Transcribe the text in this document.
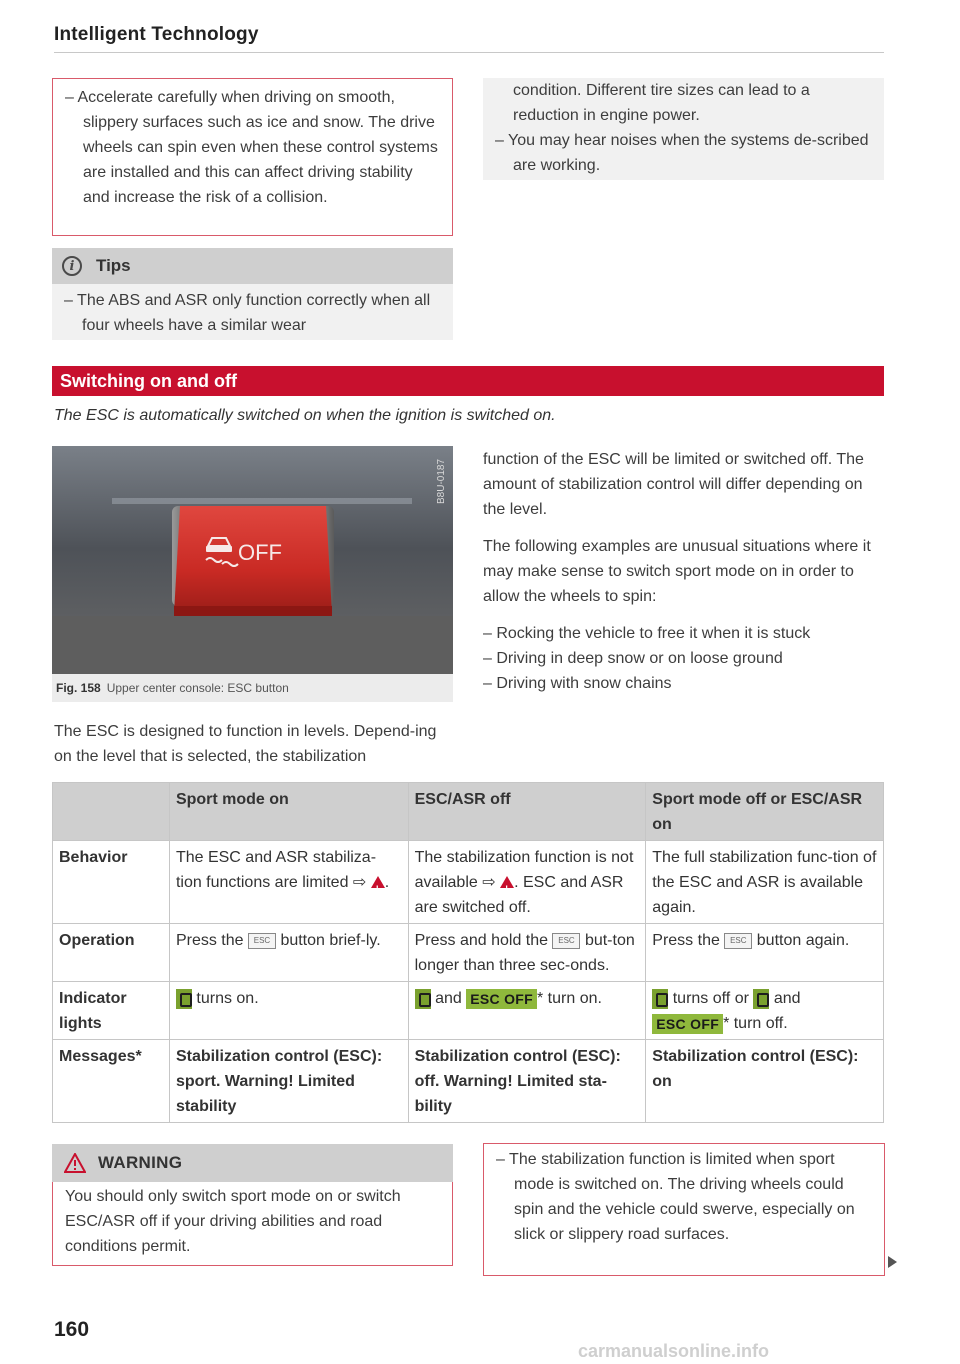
Intelligent Technology
– Accelerate carefully when driving on smooth, slippery surfaces such as ice and snow. The drive wheels can spin even when these control systems are installed and this can affect driving stability and increase the risk of a collision.
condition. Different tire sizes can lead to a reduction in engine power.
– You may hear noises when the systems de-scribed are working.
i	Tips
– The ABS and ASR only function correctly when all four wheels have a similar wear
Switching on and off
The ESC is automatically switched on when the ignition is switched on.
OFF
B8U-0187
Fig. 158 Upper center console: ESC button

The ESC is designed to function in levels. Depend-ing on the level that is selected, the stabilization

function of the ESC will be limited or switched off. The amount of stabilization control will differ depending on the level.

The following examples are unusual situations where it may make sense to switch sport mode on in order to allow the wheels to spin:

– Rocking the vehicle to free it when it is stuck
– Driving in deep snow or on loose ground
– Driving with snow chains
	Sport mode on	ESC/ASR off	Sport mode off or ESC/ASR on
Behavior	The ESC and ASR stabiliza-tion functions are limited ⇨ ! .	The stabilization function is not available ⇨ ! . ESC and ASR are switched off.	The full stabilization func-tion of the ESC and ASR is available again.
Operation	Press the ESC button brief-ly.	Press and hold the ESC but-ton longer than three sec-onds.	Press the ESC button again.
Indicator lights	turns on.	and ESC OFF * turn on.	turns off or and
ESC OFF * turn off.
Messages*	Stabilization control (ESC): sport. Warning! Limited stability	Stabilization control (ESC): off. Warning! Limited sta-bility	Stabilization control (ESC): on
WARNING

You should only switch sport mode on or switch ESC/ASR off if your driving abilities and road conditions permit.

– The stabilization function is limited when sport mode is switched on. The driving wheels could spin and the vehicle could swerve, especially on slick or slippery road surfaces.
160
carmanualsonline.info
